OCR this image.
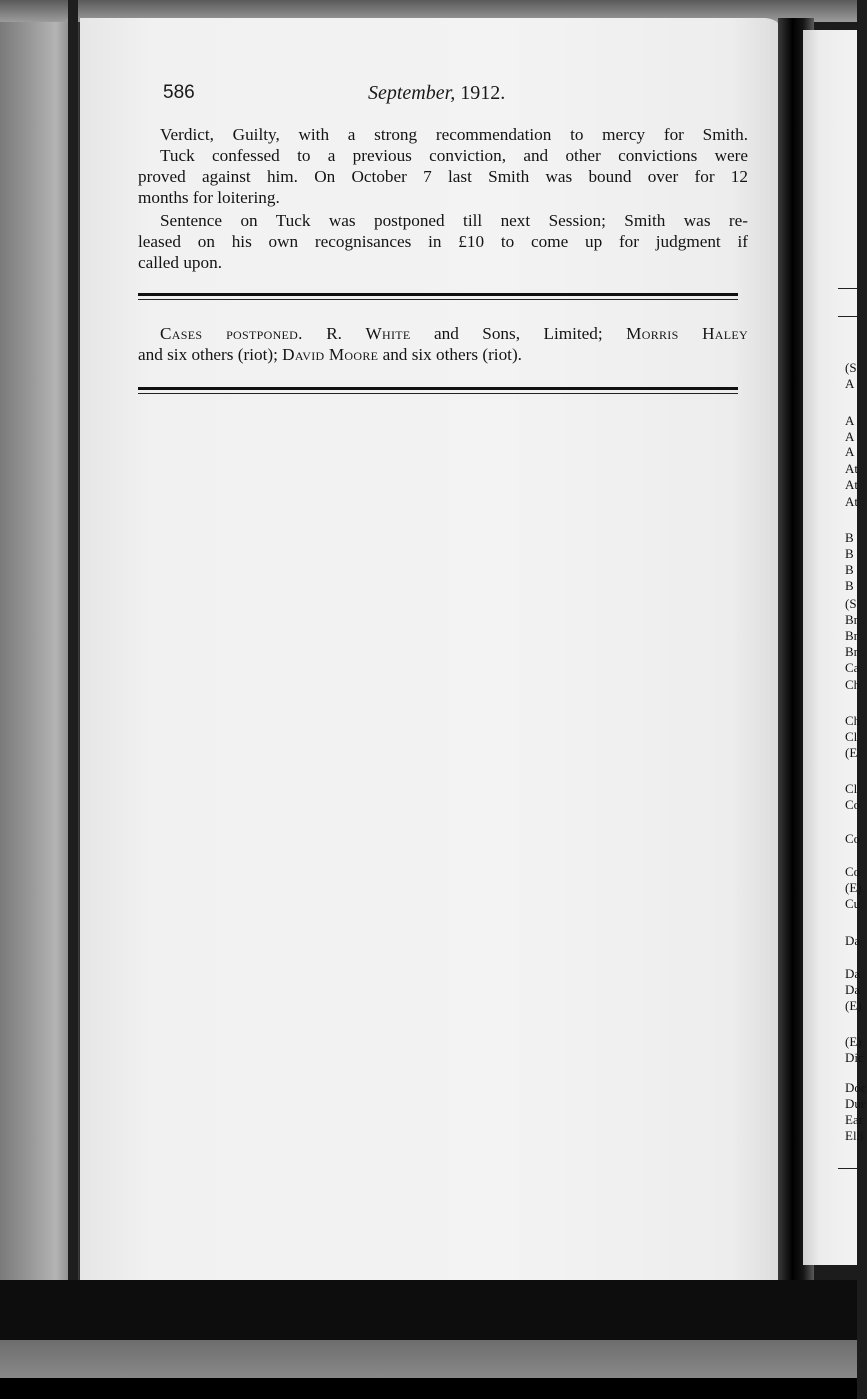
586	September, 1912.
Verdict, Guilty, with a strong recommendation to mercy for Smith.
Tuck confessed to a previous conviction, and other convictions were
proved against him. On October 7 last Smith was bound over for 12
months for loitering.
Sentence on Tuck was postponed till next Session; Smith was re-
leased on his own recognisances in £10 to come up for judgment if
called upon.
Cases postponed. R. White and Sons, Limited; Morris Haley
and six others (riot); David Moore and six others (riot).
(S
A
A
A
A
At
At
At
B
B
B
B
(S
Br
Br
Br
Ca
Ch
Ch
Cl
(E
Cl
Co
Co
Co
(E)
Cu
Da
Da
Da
(E)
(E)
Dic
Doc
Dur
Ear
Elli
